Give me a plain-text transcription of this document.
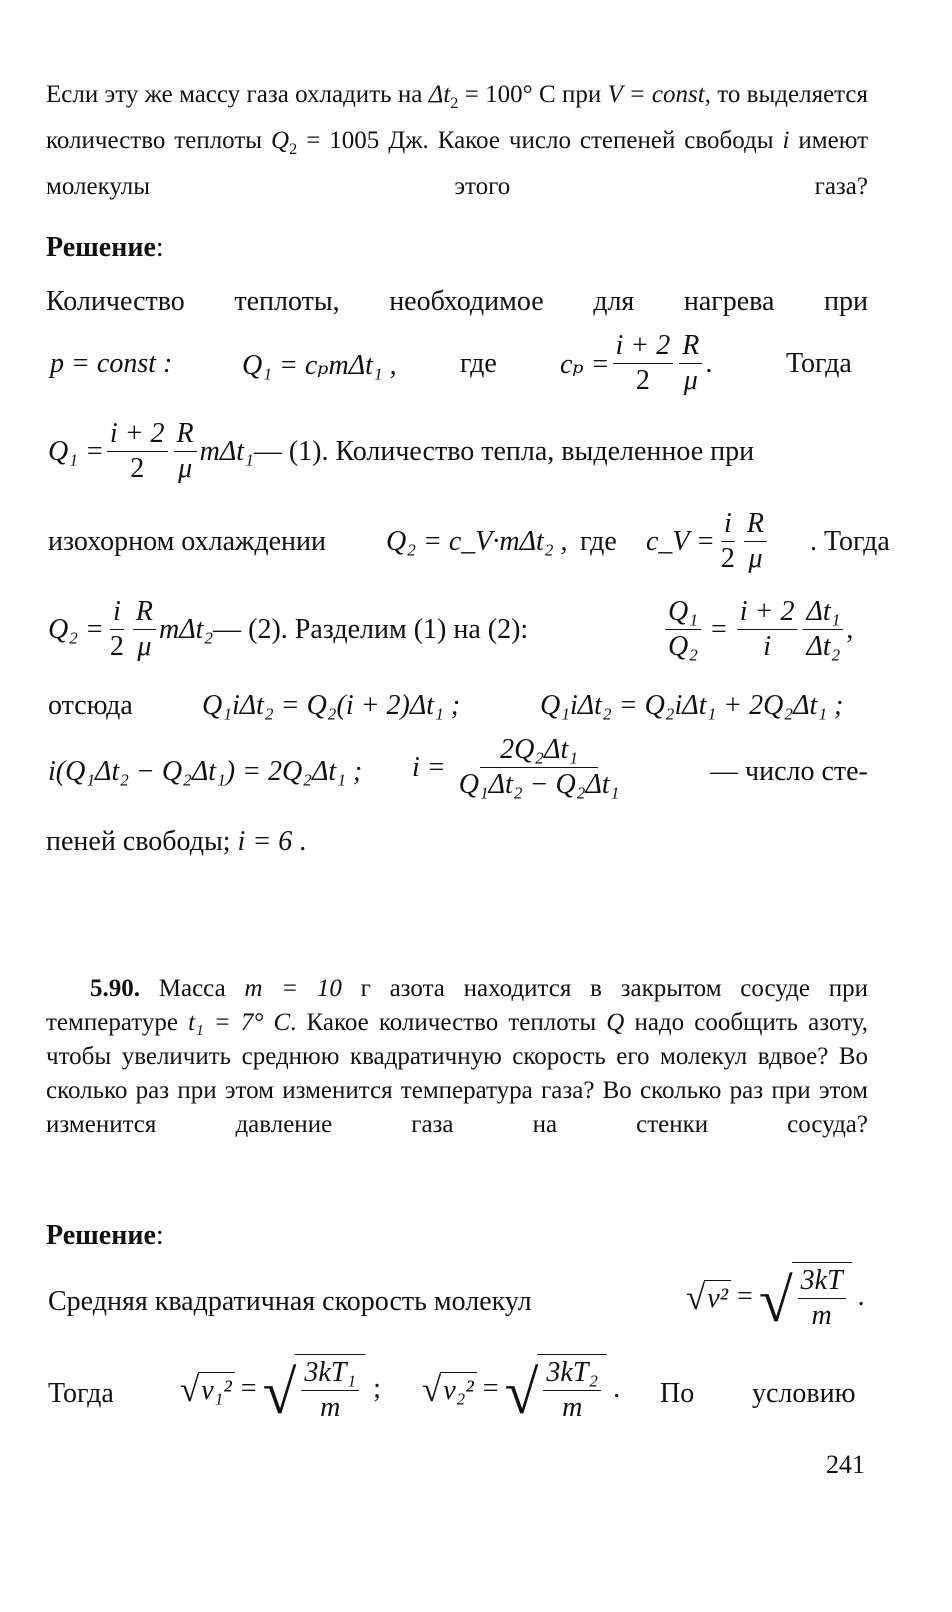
Если эту же массу газа охладить на $\Delta t_2 = 100^\circ$ С при V = const, то выделяется количество теплоты $Q_2 = 1005$ Дж. Какое число степеней свободы i имеют молекулы этого газа?

Решение:
Количество теплоты, необходимое для нагрева при
p = const : Q₁ = cₚmΔt₁ , где $c_p = \frac{i + 2}{2} \frac{R}{\mu}$ .	Тогда
$Q_1 = \frac{i + 2}{2} \frac{R}{\mu} m\Delta t_1$ — (1). Количество тепла, выделенное при
изохорном охлаждении Q₂ = c_V·mΔt₂ , где c_V = $\frac{i}{2} \frac{R}{\mu}$ . Тогда
$Q_2 = \frac{i}{2} \frac{R}{\mu} m\Delta t_2$ — (2). Разделим (1) на (2):	$\frac{\text{Q₁}}{\text{Q₂}} = \frac{i + 2}{i} \frac{\text{Δt₁}}{\text{Δt₂}}$ ,
отсюда Q₁iΔt₂ = Q₂(i + 2)Δt₁ ;	Q₁iΔt₂ = Q₂iΔt₁ + 2Q₂Δt₁ ;
i(Q₁Δt₂ − Q₂Δt₁) = 2Q₂Δt₁ ; $i = \frac{\text{2Q₂Δt₁}}{\text{Q₁Δt₂ − Q₂Δt₁}}$	— число сте-
пеней свободы; i = 6 .

5.90. Масса m = 10 г азота находится в закрытом сосуде при температуре t₁ = 7° С. Какое количество теплоты Q надо сообщить азоту, чтобы увеличить среднюю квадратичную скорость его молекул вдвое? Во сколько раз при этом изменится температура газа? Во сколько раз при этом изменится давление газа на стенки сосуда?

Решение:
Средняя квадратичная скорость молекул	√ v² = √ $\frac{3kT}{m}$ .
Тогда √ v₁² = √ $\frac{\text{3kT₁}}{m}$ ; √ v₂² = √ $\frac{\text{3kT₂}}{m}$ . По условию
241
